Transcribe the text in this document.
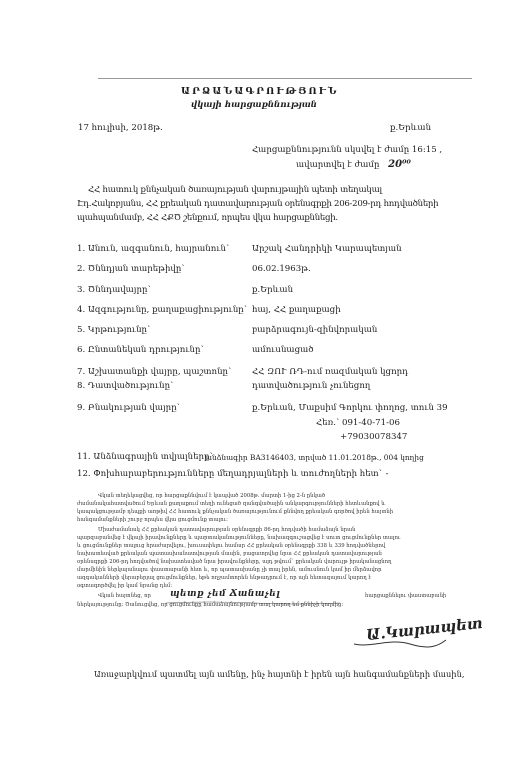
ԱՐՁԱՆԱԳՐՈՒԹՅՈՒՆ
վկայի հարցաքննության
17 հուլիսի, 2018թ.	ք.Երևան
Հարցաքննությունն սկսվել է ժամը 16:15 ,
ավարտվել է ժամը 20⁰⁰
ՀՀ հատուկ քննչական ծառայության վարույթային պետի տեղակալ
Էդ.Հակոբյանս, ՀՀ քրեական դատավարության օրենսգրքի 206-209-րդ հոդվածների
պահպանմամբ, ՀՀ ՀՔԾ շենքում, որպես վկա հարցաքննեցի.
1. Անուն, ազգանուն, հայրանուն`	Արշակ Հանդրիկի Կարապետյան
2. Ծննդյան տարեթիվը`	06.02.1963թ.
3. Ծննդավայրը`	ք.Երևան
4. Ազգությունը, քաղաքացիությունը` հայ, ՀՀ քաղաքացի
5. Կրթությունը`	բարձրագույն-զինվորական
6. Ընտանեկան դրությունը`	ամուսնացած
7. Աշխատանքի վայրը, պաշտոնը` ՀՀ ԶՈՒ ՌԴ-ում ռազմական կցորդ
8. Դատվածությունը`	դատվածություն չունեցող
9. Բնակության վայրը`	ք.Երևան, Մաքսիմ Գորկու փողոց, տուն 39
Հեռ.` 091-40-71-06
+79030078347
11. Անձնագրային տվյալները`
անձնագիր BA3146403, տրված 11.01.2018թ., 004 կողից
12. Փոխհարաբերությունները մեղադրյալների և տուժողների հետ` -
Վկան տեղեկացվեց, որ հարցաքննվում է կապված 2008թ. մարտի 1-ից 2-ն ընկած
ժամանակահատվածում Երևան քաղաքում տեղի ունեցած զանգվածային անկարգությունների հետևանքով և
կապակցությամբ դեպքի առթիվ ՀՀ հատուկ քննչական ծառայությունում քննվող քրեական գործով իրեն հայտնի
հանգամանքների շուրջ որպես վկա ցուցմունք տալու:
Միաժամանակ ՀՀ քրեական դատավարության օրենսգրքի 86-րդ հոդվածի համաձայն նրան
պարզաբանվեց է վկայի իրավունքները և պարտականությունները, նախազգուշացվեց է սուտ ցուցմունքներ տալու
և ցուցմունքներ տալուց հրաժարվելու, խուսափելու համար ՀՀ քրեական օրենսգրքի 338 և 339 հոդվածներով
նախատեսված քրեական պատասխանատվության մասին, բացատրվեց նրա ՀՀ քրեական դատավարության
օրենսգրքի 206-րդ հոդվածով նախատեսված նրա իրավունքները, այդ թվում` քրեական վարույթ իրականացնող
մարմինին ներկայանալու փաստաբանի հետ և, որ պատասխանը չի տալ իրեն, ամուսնուն կամ իր մերձավոր
ազգականների վերաբերյալ ցուցմունքներ, եթե ողջամտորեն ենթադրում է, որ այն հետագայում կարող է
օգտագործվել իր կամ նրանց դեմ:
Վկան հայտնեց, որ պետք չեմ Ճանաչել	հարցաքննելու փաստաբանի
ներկայությունը: Ծանուցվեց, որ ցուցմունքը համաձայնությամբ տալ կարող եմ քննիչի կողմից:
Ա.Կարապետ
Առաջարկվում պատմել այն ամենը, ինչ հայտնի է իրեն այն հանգամանքների մասին,
